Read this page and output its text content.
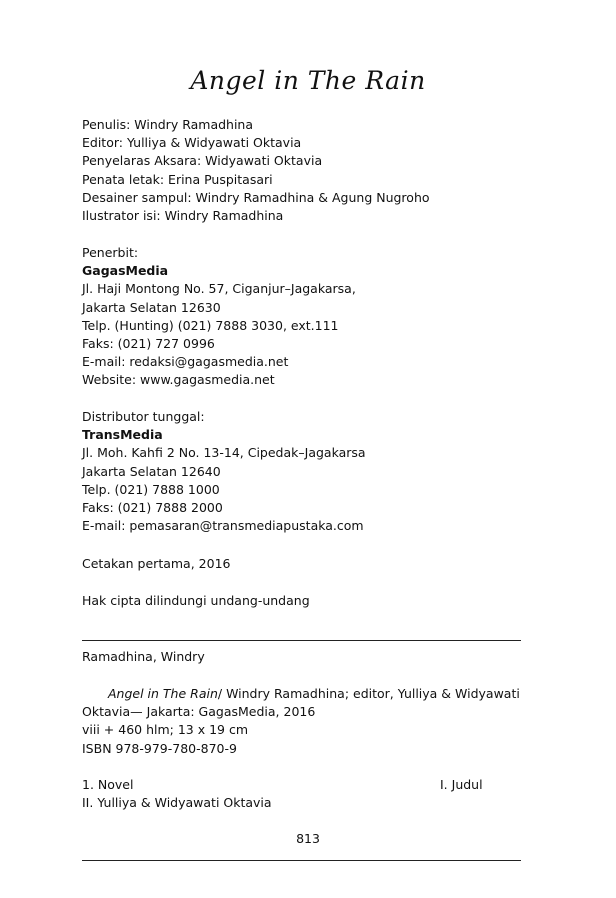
Angel in The Rain
Penulis: Windry Ramadhina
Editor: Yulliya & Widyawati Oktavia
Penyelaras Aksara: Widyawati Oktavia
Penata letak: Erina Puspitasari
Desainer sampul: Windry Ramadhina & Agung Nugroho
Ilustrator isi: Windry Ramadhina
Penerbit:
GagasMedia
Jl. Haji Montong No. 57, Ciganjur–Jagakarsa,
Jakarta Selatan 12630
Telp. (Hunting) (021) 7888 3030, ext.111
Faks: (021) 727 0996
E-mail: redaksi@gagasmedia.net
Website: www.gagasmedia.net
Distributor tunggal:
TransMedia
Jl. Moh. Kahfi 2 No. 13-14, Cipedak–Jagakarsa
Jakarta Selatan 12640
Telp. (021) 7888 1000
Faks: (021) 7888 2000
E-mail: pemasaran@transmediapustaka.com
Cetakan pertama, 2016
Hak cipta dilindungi undang-undang
Ramadhina, Windry
Angel in The Rain/ Windry Ramadhina; editor, Yulliya & Widyawati
Oktavia— Jakarta: GagasMedia, 2016
viii + 460 hlm; 13 x 19 cm
ISBN 978-979-780-870-9
1. Novel	I. Judul
II. Yulliya & Widyawati Oktavia
813
